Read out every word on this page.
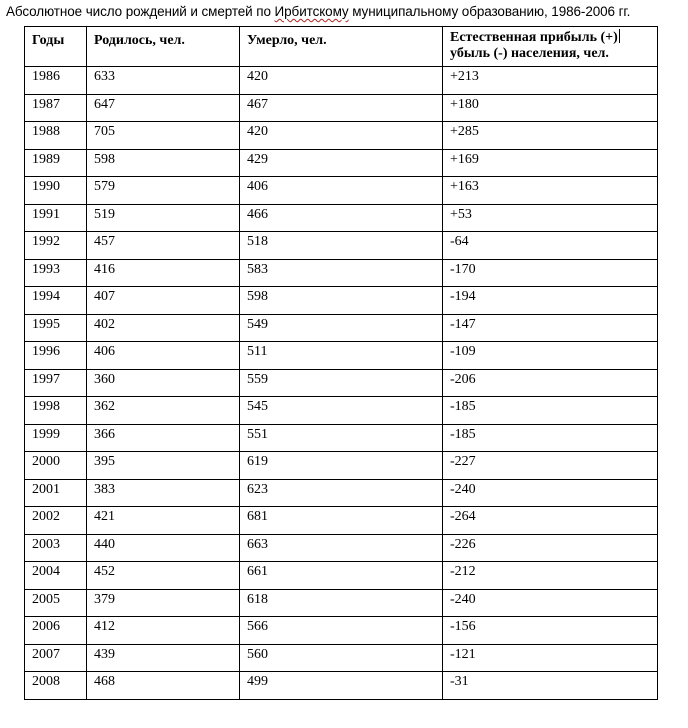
Абсолютное число рождений и смертей по Ирбитскому муниципальному образованию, 1986-2006 гг.
Годы	Родилось, чел.	Умерло, чел.	Естественная прибыль (+)
убыль (-) населения, чел.

1986	633	420	+213
1987	647	467	+180
1988	705	420	+285
1989	598	429	+169
1990	579	406	+163
1991	519	466	+53
1992	457	518	-64
1993	416	583	-170
1994	407	598	-194
1995	402	549	-147
1996	406	511	-109
1997	360	559	-206
1998	362	545	-185
1999	366	551	-185
2000	395	619	-227
2001	383	623	-240
2002	421	681	-264
2003	440	663	-226
2004	452	661	-212
2005	379	618	-240
2006	412	566	-156
2007	439	560	-121
2008	468	499	-31
